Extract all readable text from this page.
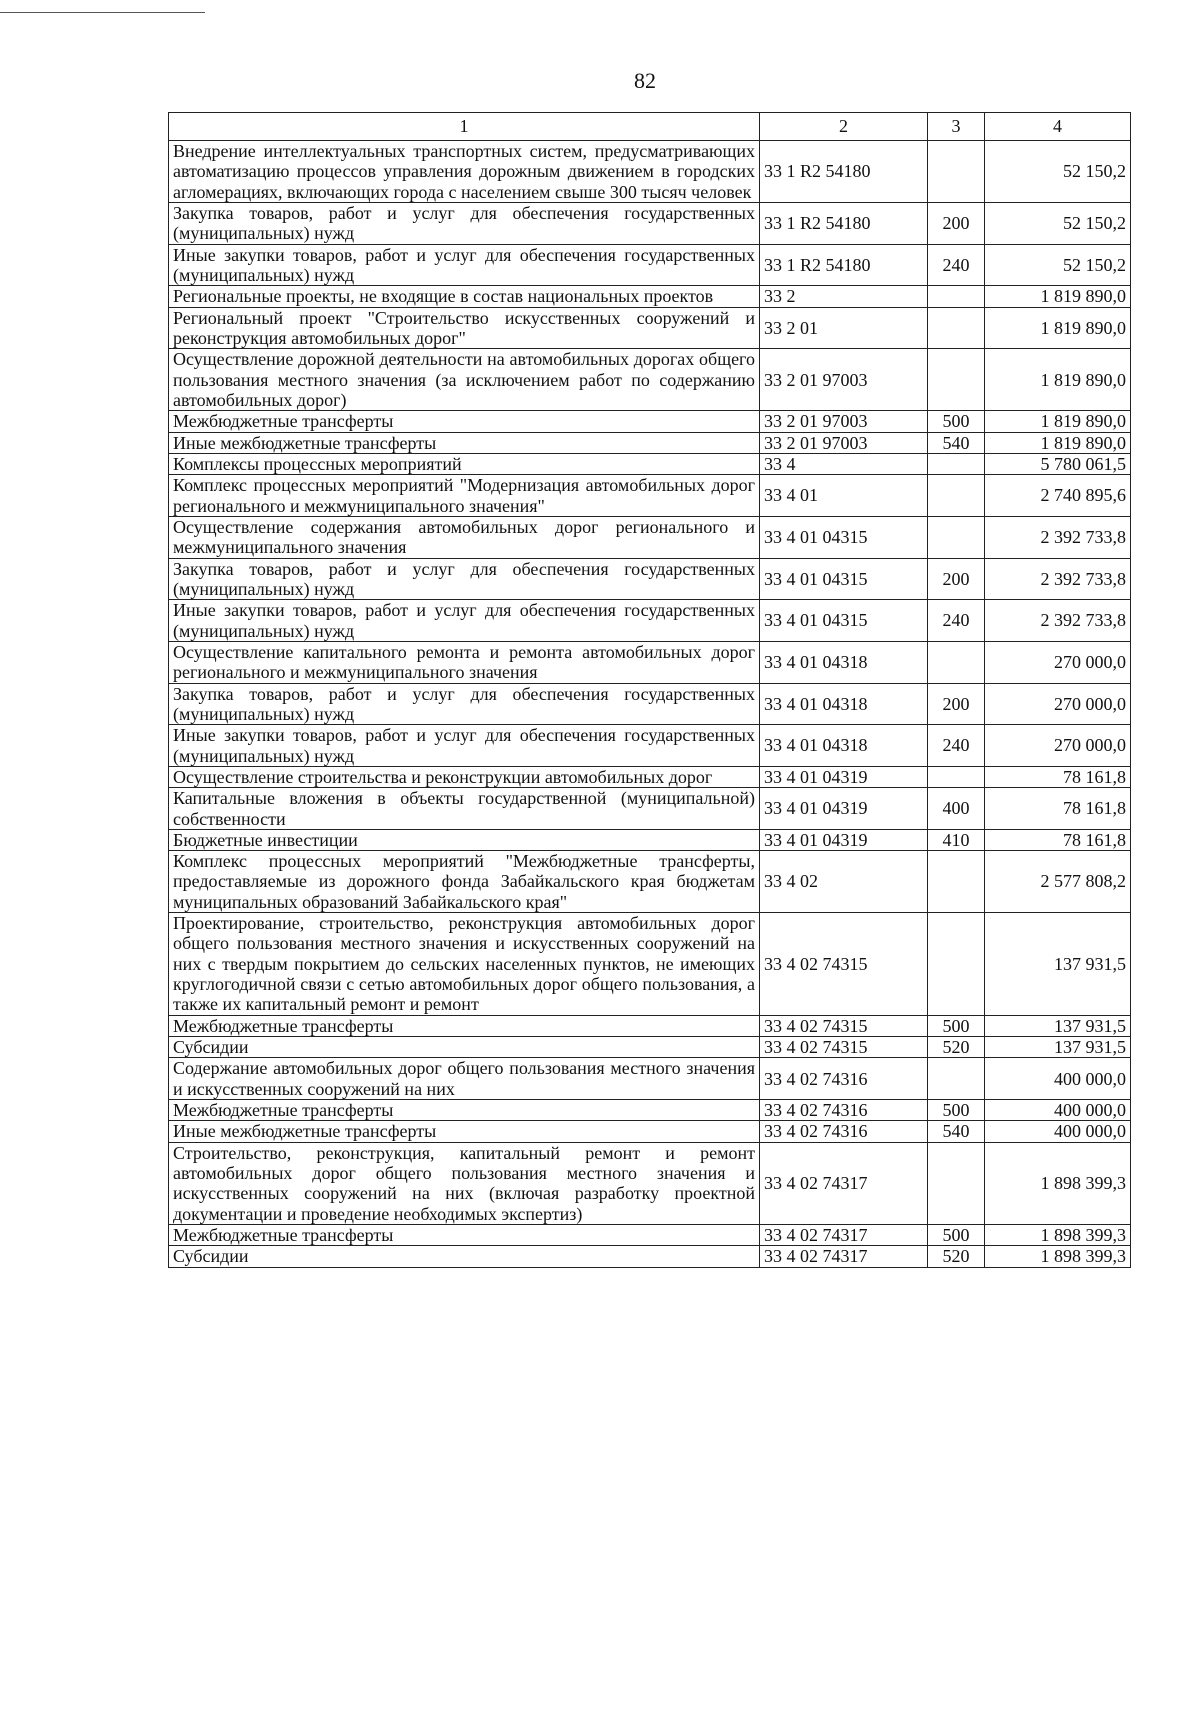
82
1	2	3	4
Внедрение интеллектуальных транспортных систем, предусматривающих автоматизацию процессов управления дорожным движением в городских агломерациях, включающих города с населением свыше 300 тысяч человек	33 1 R2 54180		52 150,2
Закупка товаров, работ и услуг для обеспечения государственных (муниципальных) нужд	33 1 R2 54180	200	52 150,2
Иные закупки товаров, работ и услуг для обеспечения государственных (муниципальных) нужд	33 1 R2 54180	240	52 150,2
Региональные проекты, не входящие в состав национальных проектов	33 2		1 819 890,0
Региональный проект "Строительство искусственных сооружений и реконструкция автомобильных дорог"	33 2 01		1 819 890,0
Осуществление дорожной деятельности на автомобильных дорогах общего пользования местного значения (за исключением работ по содержанию автомобильных дорог)	33 2 01 97003		1 819 890,0
Межбюджетные трансферты	33 2 01 97003	500	1 819 890,0
Иные межбюджетные трансферты	33 2 01 97003	540	1 819 890,0
Комплексы процессных мероприятий	33 4		5 780 061,5
Комплекс процессных мероприятий "Модернизация автомобильных дорог регионального и межмуниципального значения"	33 4 01		2 740 895,6
Осуществление содержания автомобильных дорог регионального и межмуниципального значения	33 4 01 04315		2 392 733,8
Закупка товаров, работ и услуг для обеспечения государственных (муниципальных) нужд	33 4 01 04315	200	2 392 733,8
Иные закупки товаров, работ и услуг для обеспечения государственных (муниципальных) нужд	33 4 01 04315	240	2 392 733,8
Осуществление капитального ремонта и ремонта автомобильных дорог регионального и межмуниципального значения	33 4 01 04318		270 000,0
Закупка товаров, работ и услуг для обеспечения государственных (муниципальных) нужд	33 4 01 04318	200	270 000,0
Иные закупки товаров, работ и услуг для обеспечения государственных (муниципальных) нужд	33 4 01 04318	240	270 000,0
Осуществление строительства и реконструкции автомобильных дорог	33 4 01 04319		78 161,8
Капитальные вложения в объекты государственной (муниципальной) собственности	33 4 01 04319	400	78 161,8
Бюджетные инвестиции	33 4 01 04319	410	78 161,8
Комплекс процессных мероприятий "Межбюджетные трансферты, предоставляемые из дорожного фонда Забайкальского края бюджетам муниципальных образований Забайкальского края"	33 4 02		2 577 808,2
Проектирование, строительство, реконструкция автомобильных дорог общего пользования местного значения и искусственных сооружений на них с твердым покрытием до сельских населенных пунктов, не имеющих круглогодичной связи с сетью автомобильных дорог общего пользования, а также их капитальный ремонт и ремонт	33 4 02 74315		137 931,5
Межбюджетные трансферты	33 4 02 74315	500	137 931,5
Субсидии	33 4 02 74315	520	137 931,5
Содержание автомобильных дорог общего пользования местного значения и искусственных сооружений на них	33 4 02 74316		400 000,0
Межбюджетные трансферты	33 4 02 74316	500	400 000,0
Иные межбюджетные трансферты	33 4 02 74316	540	400 000,0
Строительство, реконструкция, капитальный ремонт и ремонт автомобильных дорог общего пользования местного значения и искусственных сооружений на них (включая разработку проектной документации и проведение необходимых экспертиз)	33 4 02 74317		1 898 399,3
Межбюджетные трансферты	33 4 02 74317	500	1 898 399,3
Субсидии	33 4 02 74317	520	1 898 399,3
